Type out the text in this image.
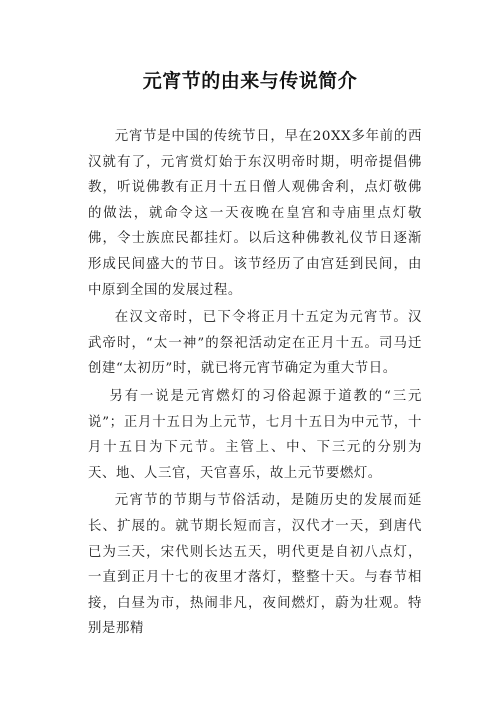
元宵节的由来与传说简介

元宵节是中国的传统节日，早在20XX多年前的西汉就有了，元宵赏灯始于东汉明帝时期，明帝提倡佛教，听说佛教有正月十五日僧人观佛舍利，点灯敬佛的做法，就命令这一天夜晚在皇宫和寺庙里点灯敬佛，令士族庶民都挂灯。以后这种佛教礼仪节日逐渐形成民间盛大的节日。该节经历了由宫廷到民间，由中原到全国的发展过程。

在汉文帝时，已下令将正月十五定为元宵节。汉武帝时，“太一神”的祭祀活动定在正月十五。司马迁创建“太初历”时，就已将元宵节确定为重大节日。

另有一说是元宵燃灯的习俗起源于道教的“三元说”；正月十五日为上元节，七月十五日为中元节，十月十五日为下元节。主管上、中、下三元的分别为天、地、人三官，天官喜乐，故上元节要燃灯。

元宵节的节期与节俗活动，是随历史的发展而延长、扩展的。就节期长短而言，汉代才一天，到唐代已为三天，宋代则长达五天，明代更是自初八点灯，一直到正月十七的夜里才落灯，整整十天。与春节相接，白昼为市，热闹非凡，夜间燃灯，蔚为壮观。特别是那精
